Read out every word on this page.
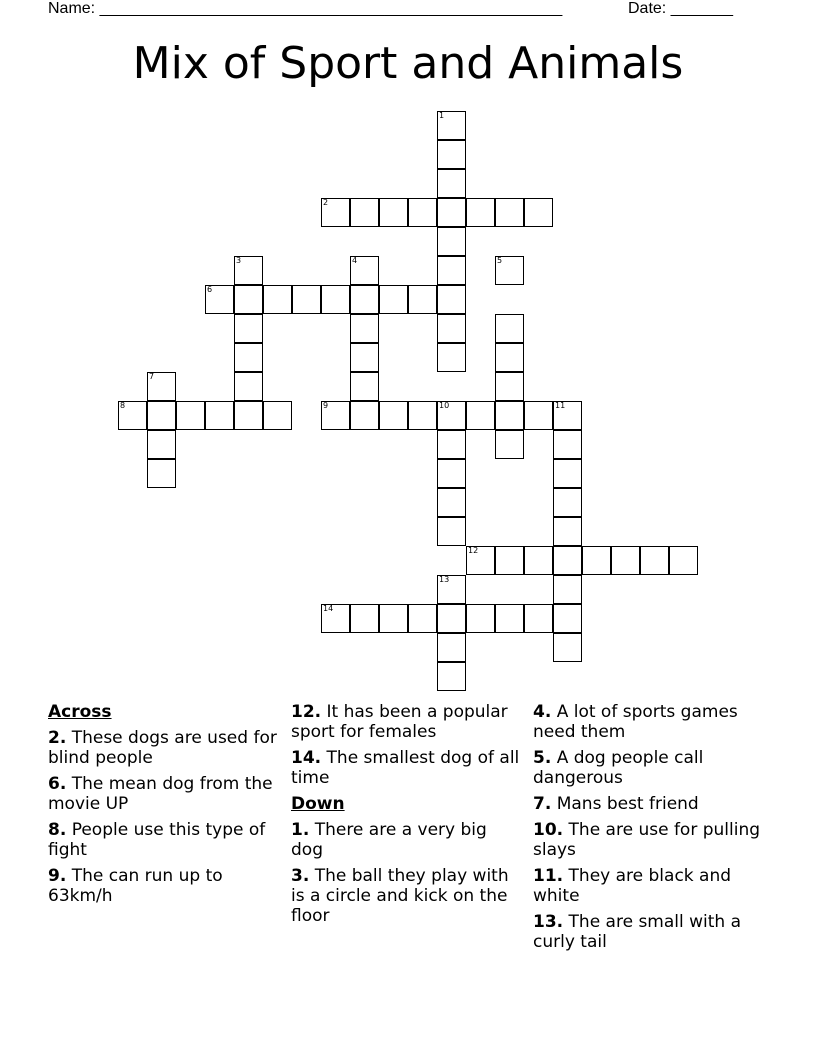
Name: ____________________________________________________	Date: _______
Mix of Sport and Animals
1
2
6
3	4	5
7
8	9	10	11
12
13
14
Across
2. These dogs are used for blind people
6. The mean dog from the movie UP
8. People use this type of fight
9. The can run up to 63km/h
12. It has been a popular sport for females
14. The smallest dog of all time
Down
1. There are a very big dog
3. The ball they play with is a circle and kick on the floor
4. A lot of sports games need them
5. A dog people call dangerous
7. Mans best friend
10. The are use for pulling slays
11. They are black and white
13. The are small with a curly tail
